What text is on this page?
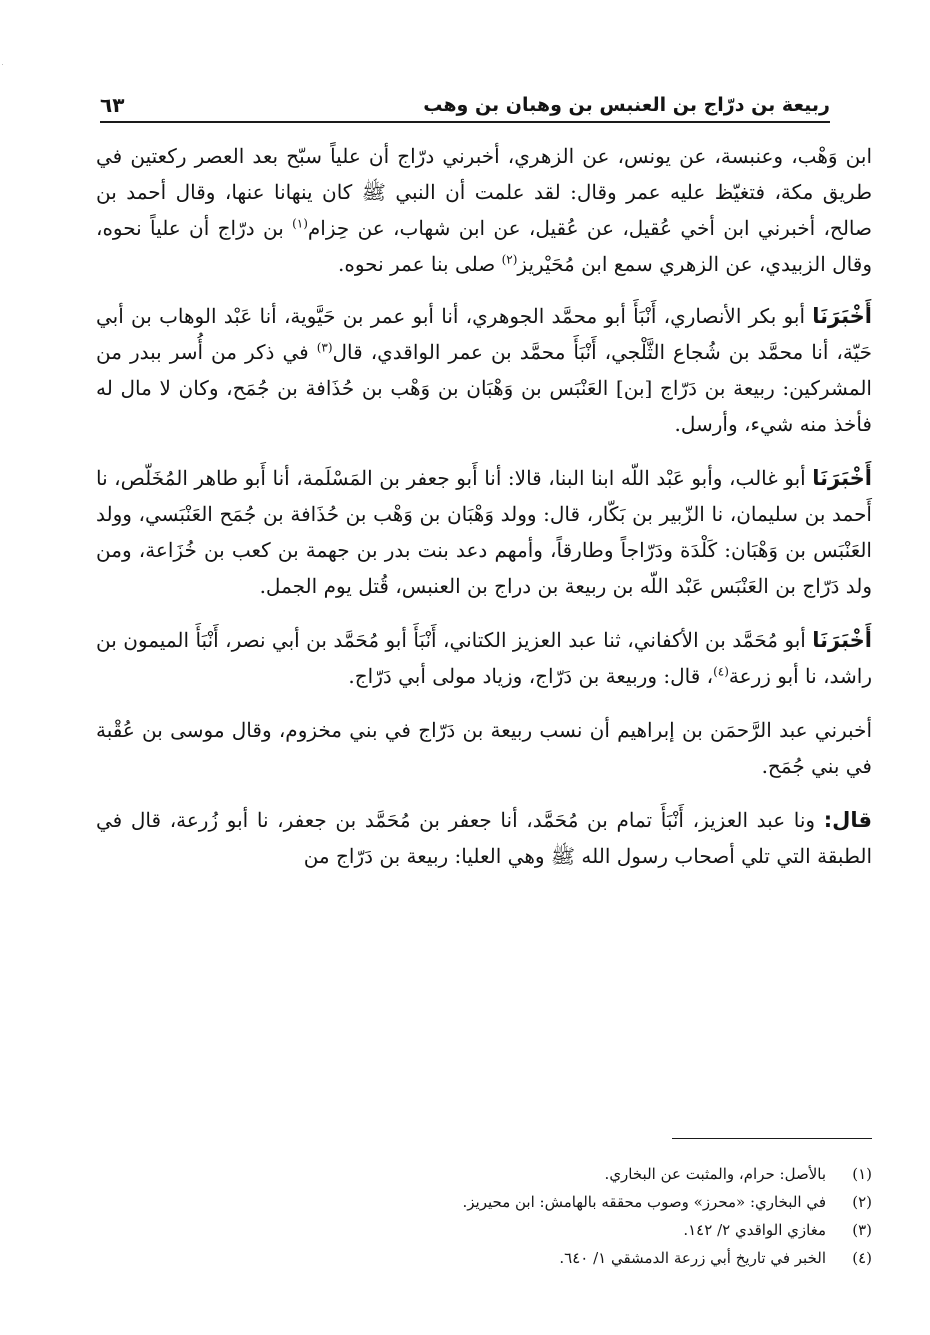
ربيعة بن درّاج بن العنبس بن وهبان بن وهب
٦٣

ابن وَهْب، وعنبسة، عن يونس، عن الزهري، أخبرني درّاج أن علياً سبّح بعد العصر ركعتين في طريق مكة، فتغيّظ عليه عمر وقال: لقد علمت أن النبي ﷺ كان ينهانا عنها، وقال أحمد بن صالح، أخبرني ابن أخي عُقيل، عن عُقيل، عن ابن شهاب، عن حِزام$^{(١)}$ بن درّاج أن علياً نحوه، وقال الزبيدي، عن الزهري سمع ابن مُحَيْريز$^{(٢)}$ صلى بنا عمر نحوه.

أَخْبَرَنَا أبو بكر الأنصاري، أَنْبَأَ أبو محمَّد الجوهري، أنا أبو عمر بن حَيَّوية، أنا عَبْد الوهاب بن أبي حَيّة، أنا محمَّد بن شُجاع الثَّلْجي، أَنْبَأَ محمَّد بن عمر الواقدي، قال$^{(٣)}$ في ذكر من أُسر ببدر من المشركين: ربيعة بن دَرّاج [بن] العَنْبَس بن وَهْبَان بن وَهْب بن حُذَافة بن جُمَح، وكان لا مال له فأخذ منه شيء، وأرسل.

أَخْبَرَنَا أبو غالب، وأبو عَبْد اللّه ابنا البنا، قالا: أنا أَبو جعفر بن المَسْلَمة، أنا أَبو طاهر المُخَلّص، نا أَحمد بن سليمان، نا الزّبير بن بَكّار، قال: وولد وَهْبَان بن وَهْب بن حُذَافة بن جُمَح العَنْبَسي، وولد العَنْبَس بن وَهْبَان: كَلْدَة ودَرّاجاً وطارقاً، وأمهم دعد بنت بدر بن جهمة بن كعب بن خُزَاعة، ومن ولد دَرّاج بن العَنْبَس عَبْد اللّه بن ربيعة بن دراج بن العنبس، قُتل يوم الجمل.

أَخْبَرَنَا أبو مُحَمَّد بن الأكفاني، ثنا عبد العزيز الكتاني، أَنْبَأَ أبو مُحَمَّد بن أبي نصر، أَنْبَأَ الميمون بن راشد، نا أبو زرعة$^{(٤)}$، قال: وربيعة بن دَرّاج، وزياد مولى أبي دَرّاج.

أخبرني عبد الرَّحمَن بن إبراهيم أن نسب ربيعة بن دَرّاج في بني مخزوم، وقال موسى بن عُقْبة في بني جُمَح.

قال: ونا عبد العزيز، أَنْبَأَ تمام بن مُحَمَّد، أنا جعفر بن مُحَمَّد بن جعفر، نا أبو زُرعة، قال في الطبقة التي تلي أصحاب رسول الله ﷺ وهي العليا: ربيعة بن دَرّاج من

(١)
بالأصل: حرام، والمثبت عن البخاري.

(٢)
في البخاري: «محرز» وصوب محققه بالهامش: ابن محيريز.

(٣)
مغازي الواقدي ٢/ ١٤٢.

(٤)
الخبر في تاريخ أبي زرعة الدمشقي ١/ ٦٤٠.
